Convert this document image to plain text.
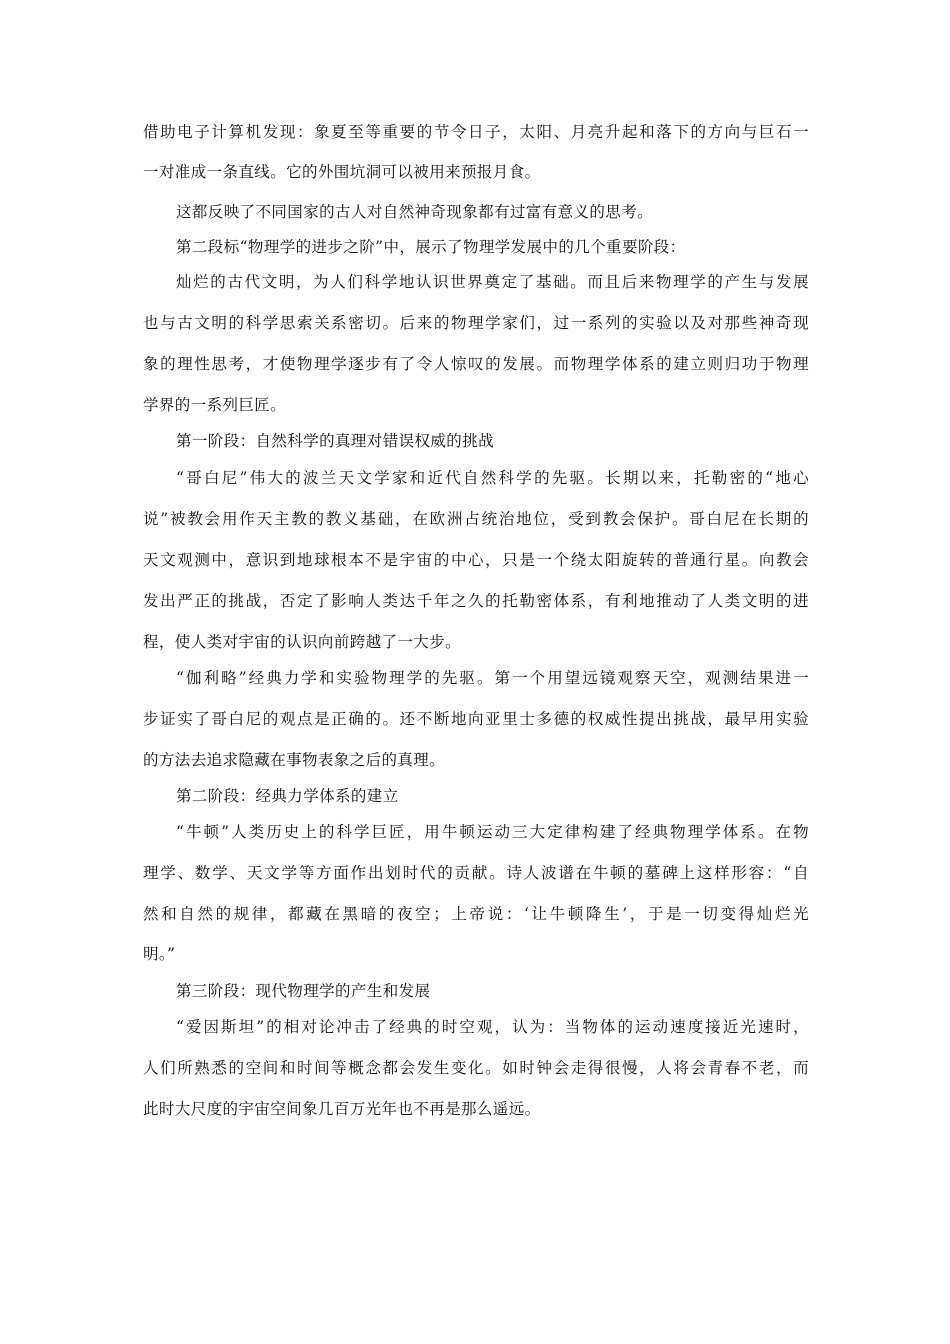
借助电子计算机发现：象夏至等重要的节令日子，太阳、月亮升起和落下的方向与巨石一
一对准成一条直线。它的外围坑洞可以被用来预报月食。
这都反映了不同国家的古人对自然神奇现象都有过富有意义的思考。
第二段标“物理学的进步之阶”中，展示了物理学发展中的几个重要阶段：
灿烂的古代文明，为人们科学地认识世界奠定了基础。而且后来物理学的产生与发展
也与古文明的科学思索关系密切。后来的物理学家们，过一系列的实验以及对那些神奇现
象的理性思考，才使物理学逐步有了令人惊叹的发展。而物理学体系的建立则归功于物理
学界的一系列巨匠。
第一阶段：自然科学的真理对错误权威的挑战
“哥白尼”伟大的波兰天文学家和近代自然科学的先驱。长期以来，托勒密的“地心
说”被教会用作天主教的教义基础，在欧洲占统治地位，受到教会保护。哥白尼在长期的
天文观测中，意识到地球根本不是宇宙的中心，只是一个绕太阳旋转的普通行星。向教会
发出严正的挑战，否定了影响人类达千年之久的托勒密体系，有利地推动了人类文明的进
程，使人类对宇宙的认识向前跨越了一大步。
“伽利略”经典力学和实验物理学的先驱。第一个用望远镜观察天空，观测结果进一
步证实了哥白尼的观点是正确的。还不断地向亚里士多德的权威性提出挑战，最早用实验
的方法去追求隐藏在事物表象之后的真理。
第二阶段：经典力学体系的建立
“牛顿”人类历史上的科学巨匠，用牛顿运动三大定律构建了经典物理学体系。在物
理学、数学、天文学等方面作出划时代的贡献。诗人波谱在牛顿的墓碑上这样形容：“自
然和自然的规律，都藏在黑暗的夜空；上帝说：‘让牛顿降生’，于是一切变得灿烂光
明。”
第三阶段：现代物理学的产生和发展
“爱因斯坦”的相对论冲击了经典的时空观，认为：当物体的运动速度接近光速时，
人们所熟悉的空间和时间等概念都会发生变化。如时钟会走得很慢，人将会青春不老，而
此时大尺度的宇宙空间象几百万光年也不再是那么遥远。
